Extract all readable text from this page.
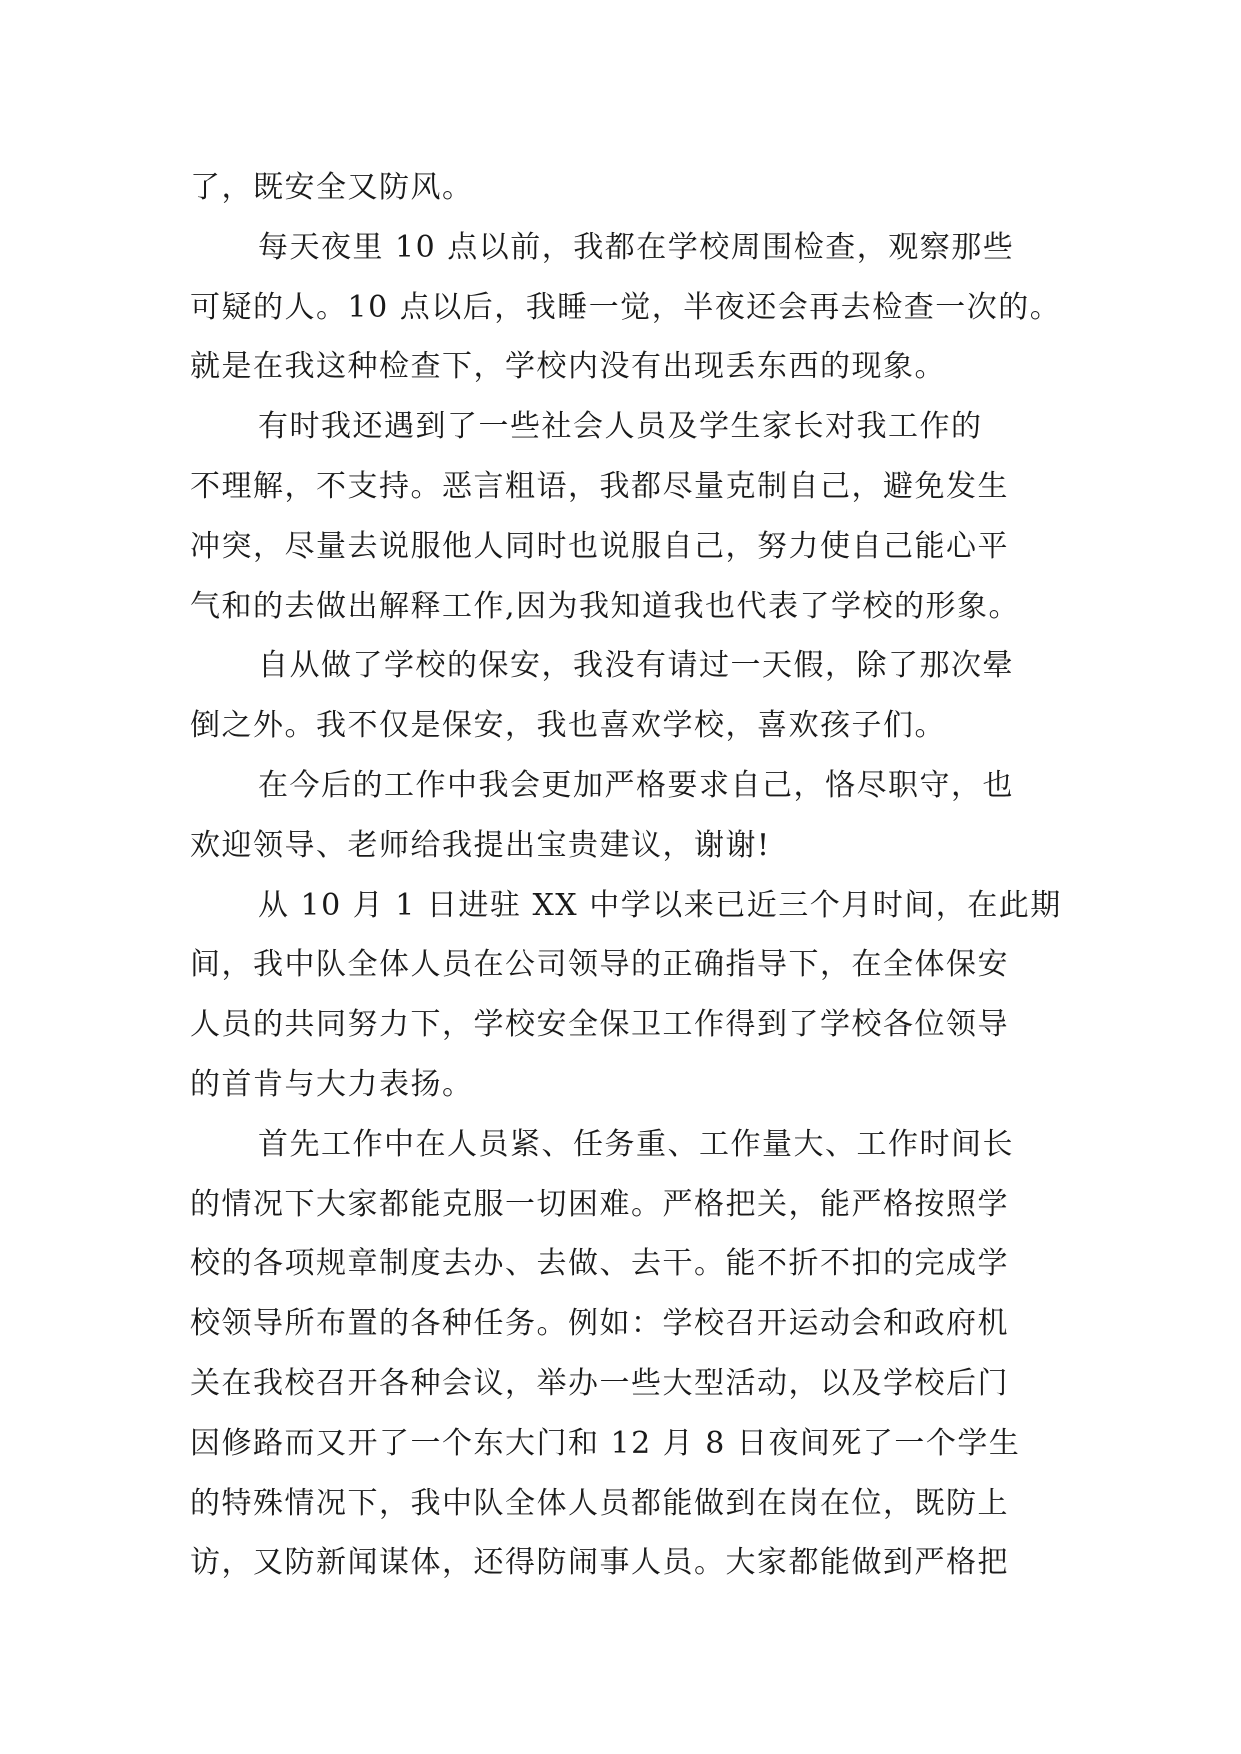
了，既安全又防风。
每天夜里 10 点以前，我都在学校周围检查，观察那些
可疑的人。10 点以后，我睡一觉，半夜还会再去检查一次的。
就是在我这种检查下，学校内没有出现丢东西的现象。
有时我还遇到了一些社会人员及学生家长对我工作的
不理解，不支持。恶言粗语，我都尽量克制自己，避免发生
冲突，尽量去说服他人同时也说服自己，努力使自己能心平
气和的去做出解释工作,因为我知道我也代表了学校的形象。
自从做了学校的保安，我没有请过一天假，除了那次晕
倒之外。我不仅是保安，我也喜欢学校，喜欢孩子们。
在今后的工作中我会更加严格要求自己，恪尽职守，也
欢迎领导、老师给我提出宝贵建议，谢谢!
从 10 月 1 日进驻 XX 中学以来已近三个月时间，在此期
间，我中队全体人员在公司领导的正确指导下，在全体保安
人员的共同努力下，学校安全保卫工作得到了学校各位领导
的首肯与大力表扬。
首先工作中在人员紧、任务重、工作量大、工作时间长
的情况下大家都能克服一切困难。严格把关，能严格按照学
校的各项规章制度去办、去做、去干。能不折不扣的完成学
校领导所布置的各种任务。例如：学校召开运动会和政府机
关在我校召开各种会议，举办一些大型活动，以及学校后门
因修路而又开了一个东大门和 12 月 8 日夜间死了一个学生
的特殊情况下，我中队全体人员都能做到在岗在位，既防上
访，又防新闻谋体，还得防闹事人员。大家都能做到严格把
